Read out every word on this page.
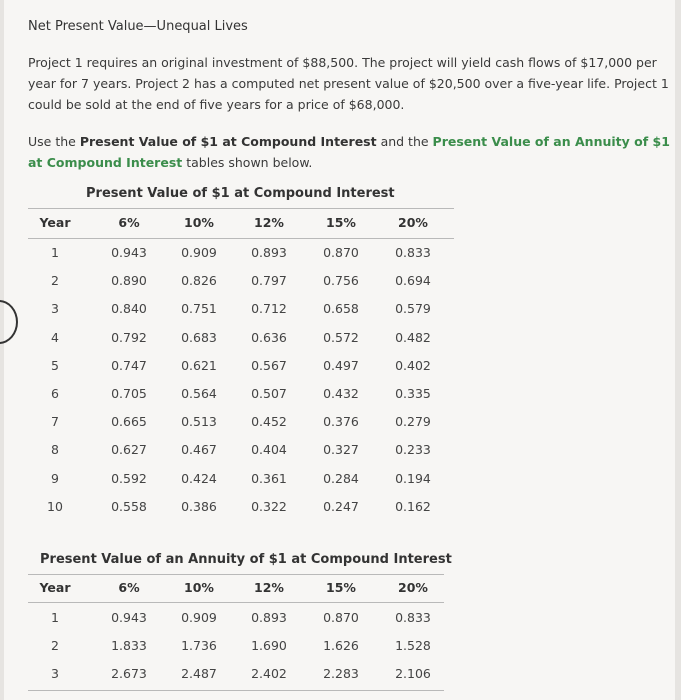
Net Present Value—Unequal Lives
Project 1 requires an original investment of $88,500. The project will yield cash flows of $17,000 per year for 7 years. Project 2 has a computed net present value of $20,500 over a five-year life. Project 1 could be sold at the end of five years for a price of $68,000.
Use the Present Value of $1 at Compound Interest and the Present Value of an Annuity of $1 at Compound Interest tables shown below.
Present Value of $1 at Compound Interest
Year	6%	10%	12%	15%	20%
1	0.943	0.909	0.893	0.870	0.833
2	0.890	0.826	0.797	0.756	0.694
3	0.840	0.751	0.712	0.658	0.579
4	0.792	0.683	0.636	0.572	0.482
5	0.747	0.621	0.567	0.497	0.402
6	0.705	0.564	0.507	0.432	0.335
7	0.665	0.513	0.452	0.376	0.279
8	0.627	0.467	0.404	0.327	0.233
9	0.592	0.424	0.361	0.284	0.194
10	0.558	0.386	0.322	0.247	0.162
Present Value of an Annuity of $1 at Compound Interest
Year	6%	10%	12%	15%	20%
1	0.943	0.909	0.893	0.870	0.833
2	1.833	1.736	1.690	1.626	1.528
3	2.673	2.487	2.402	2.283	2.106
